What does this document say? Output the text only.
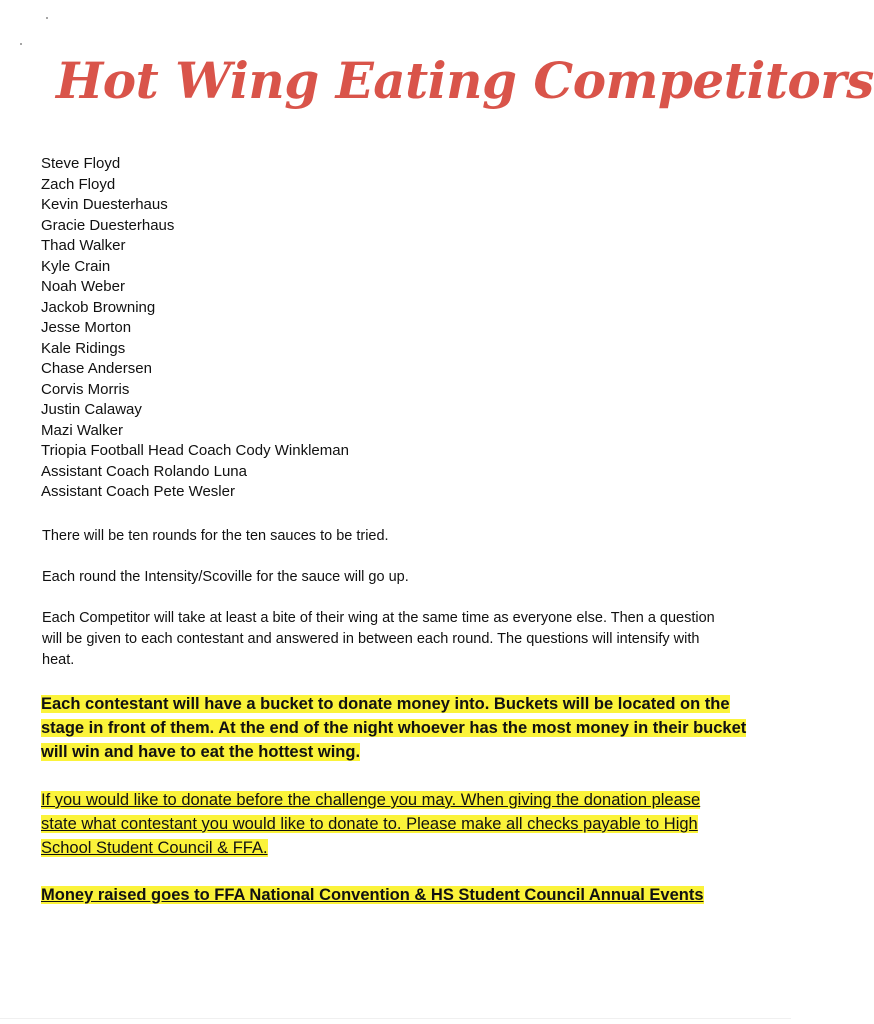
Hot Wing Eating Competitors
Steve Floyd
Zach Floyd
Kevin Duesterhaus
Gracie Duesterhaus
Thad Walker
Kyle Crain
Noah Weber
Jackob Browning
Jesse Morton
Kale Ridings
Chase Andersen
Corvis Morris
Justin Calaway
Mazi Walker
Triopia Football Head Coach Cody Winkleman
Assistant Coach Rolando Luna
Assistant Coach Pete Wesler

There will be ten rounds for the ten sauces to be tried.

Each round the Intensity/Scoville for the sauce will go up.

Each Competitor will take at least a bite of their wing at the same time as everyone else. Then a question will be given to each contestant and answered in between each round. The questions will intensify with heat.

Each contestant will have a bucket to donate money into. Buckets will be located on the stage in front of them. At the end of the night whoever has the most money in their bucket will win and have to eat the hottest wing.

If you would like to donate before the challenge you may. When giving the donation please state what contestant you would like to donate to. Please make all checks payable to High School Student Council & FFA.

Money raised goes to FFA National Convention & HS Student Council Annual Events
